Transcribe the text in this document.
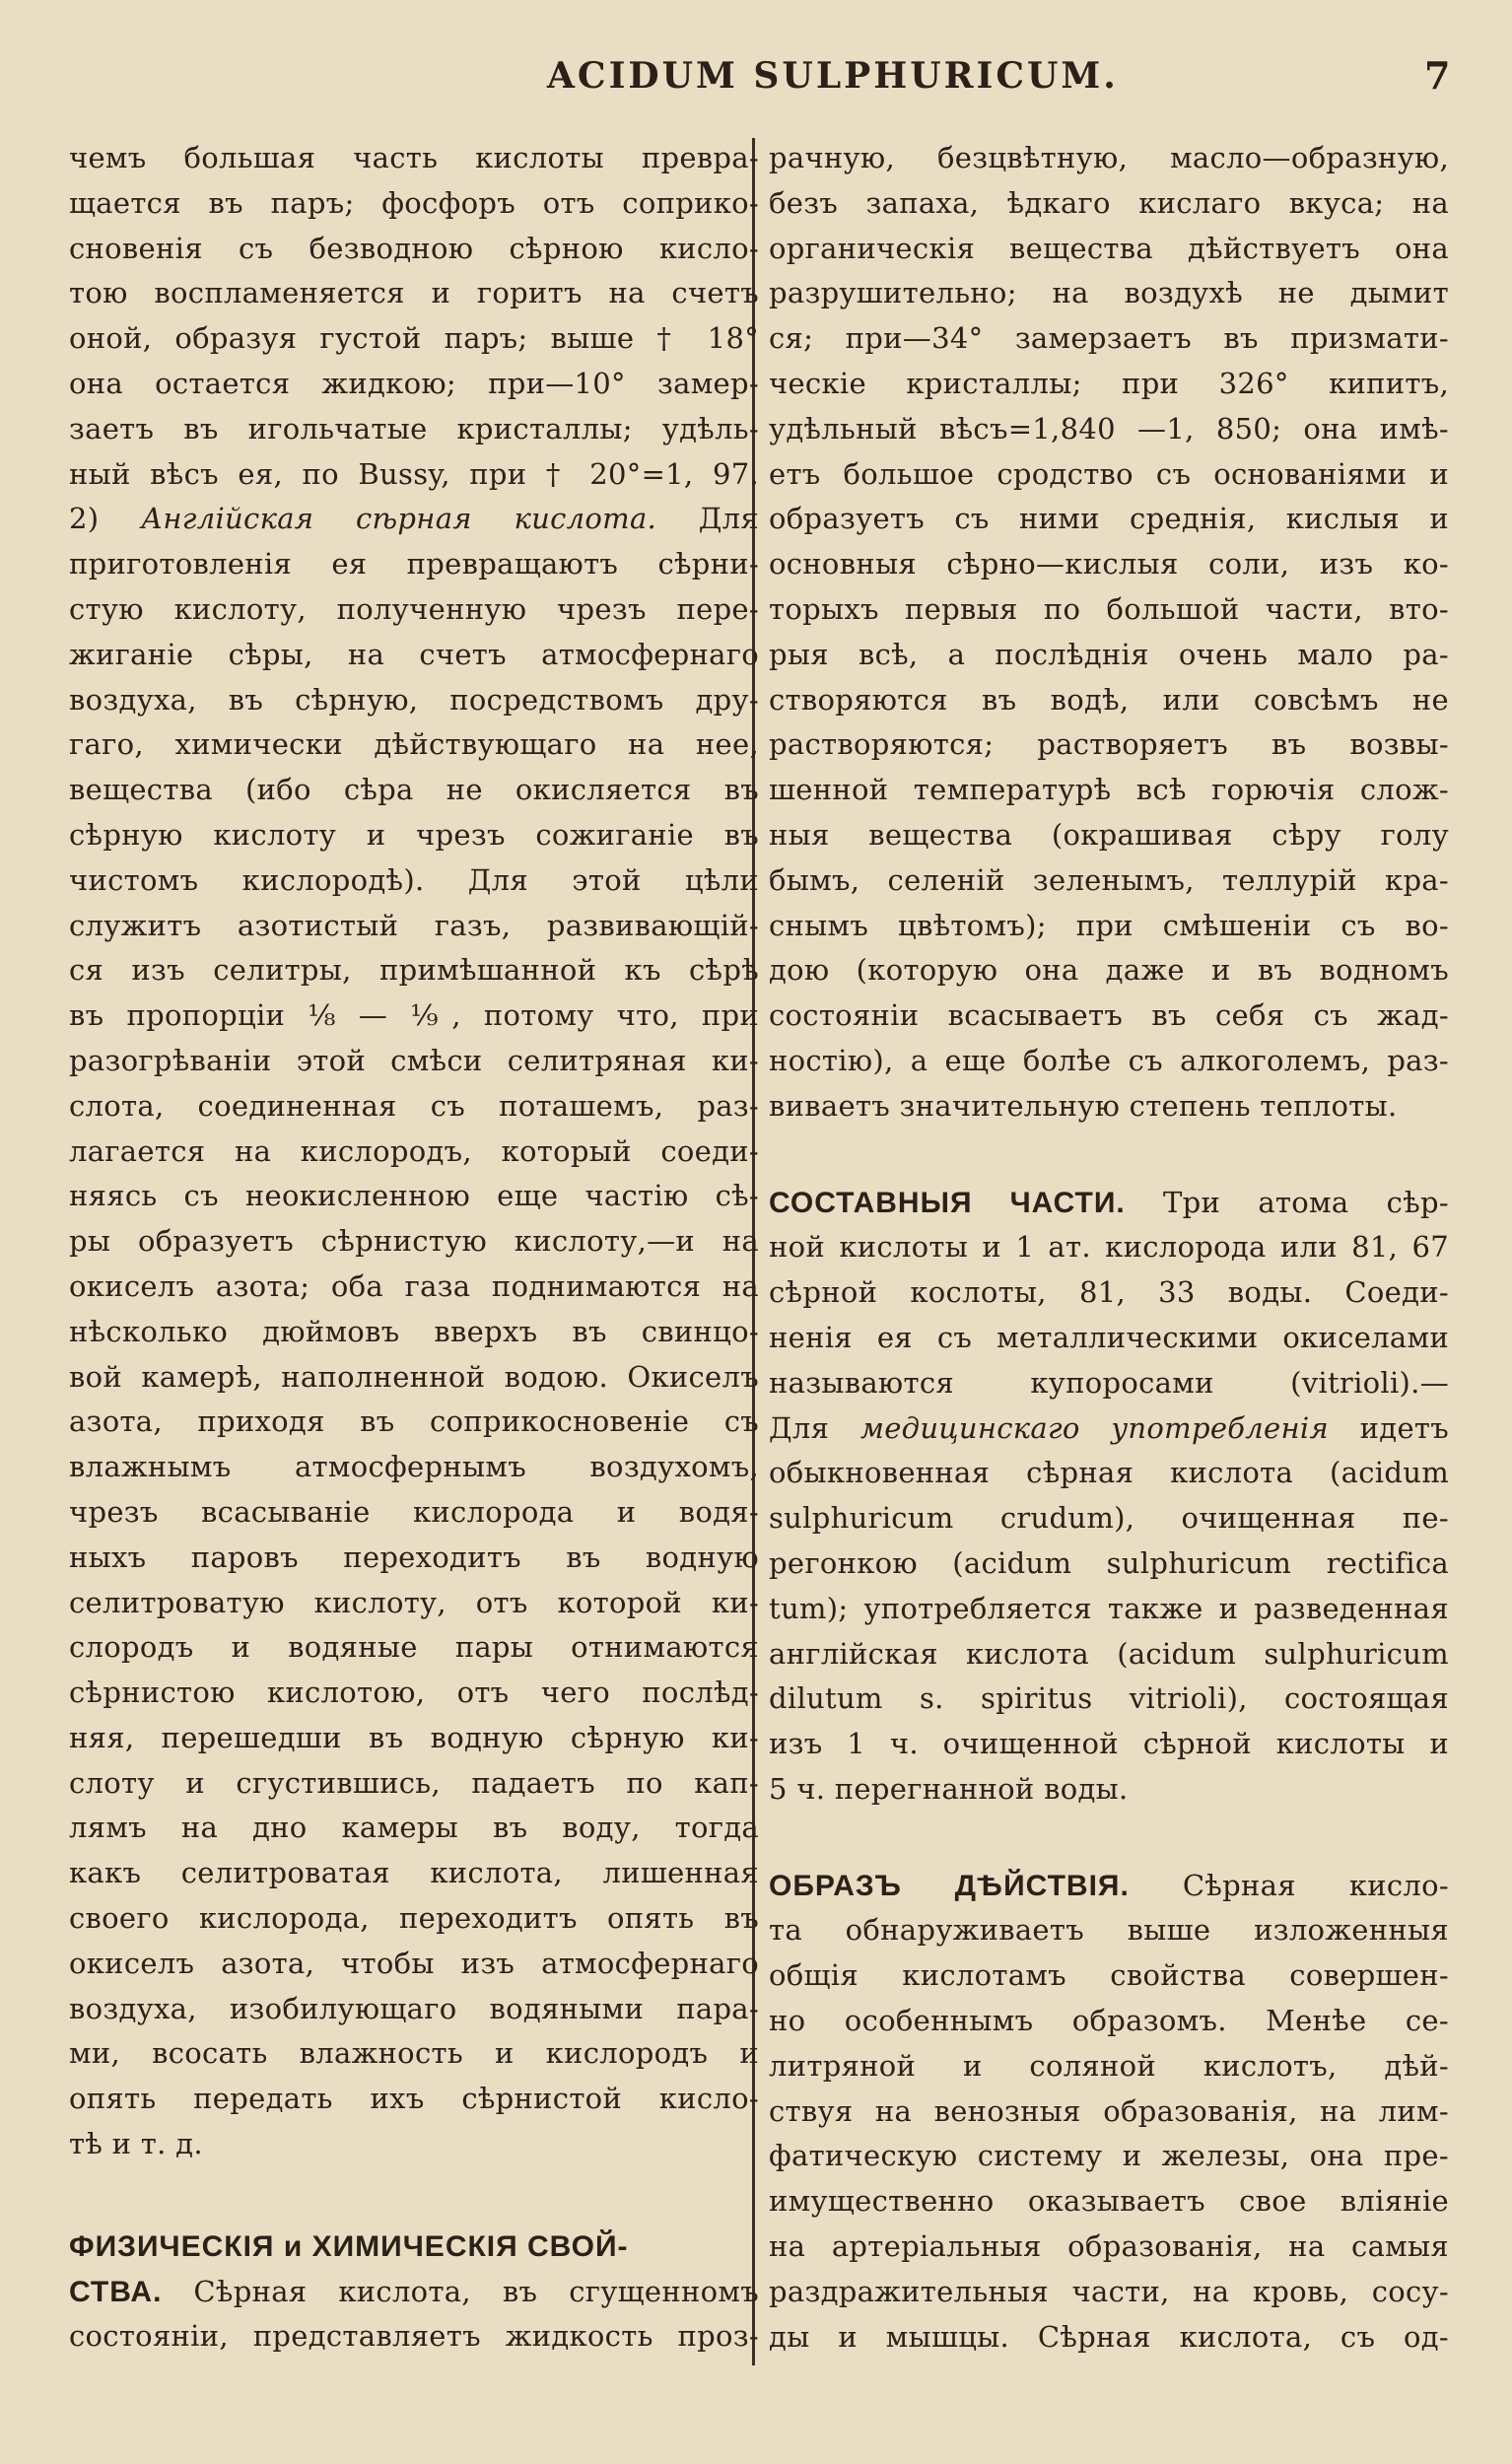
ACIDUM SULPHURICUM.	7
чемъ большая часть кислоты превра-
щается въ паръ; фосфоръ отъ соприко-
сновенія съ безводною сѣрною кисло-
тою воспламеняется и горитъ на счетъ
оной, образуя густой паръ; выше † 18°
она остается жидкою; при—10° замер-
заетъ въ игольчатые кристаллы; удѣль-
ный вѣсъ ея, по Bussy, при † 20°=1, 97.
2) Англійская сѣрная кислота. Для
приготовленія ея превращаютъ сѣрни-
стую кислоту, полученную чрезъ пере-
жиганіе сѣры, на счетъ атмосфернаго
воздуха, въ сѣрную, посредствомъ дру-
гаго, химически дѣйствующаго на нее,
вещества (ибо сѣра не окисляется въ
сѣрную кислоту и чрезъ сожиганіе въ
чистомъ кислородѣ). Для этой цѣли
служитъ азотистый газъ, развивающій-
ся изъ селитры, примѣшанной къ сѣрѣ
въ пропорціи ⅛ — ⅑, потому что, при
разогрѣваніи этой смѣси селитряная ки-
слота, соединенная съ поташемъ, раз-
лагается на кислородъ, который соеди-
няясь съ неокисленною еще частію сѣ-
ры образуетъ сѣрнистую кислоту,—и на
окиселъ азота; оба газа поднимаются на
нѣсколько дюймовъ вверхъ въ свинцо-
вой камерѣ, наполненной водою. Окиселъ
азота, приходя въ соприкосновеніе съ
влажнымъ атмосфернымъ воздухомъ,
чрезъ всасываніе кислорода и водя-
ныхъ паровъ переходитъ въ водную
селитроватую кислоту, отъ которой ки-
слородъ и водяные пары отнимаются
сѣрнистою кислотою, отъ чего послѣд-
няя, перешедши въ водную сѣрную ки-
слоту и сгустившись, падаетъ по кап-
лямъ на дно камеры въ воду, тогда
какъ селитроватая кислота, лишенная
своего кислорода, переходитъ опять въ
окиселъ азота, чтобы изъ атмосфернаго
воздуха, изобилующаго водяными пара-
ми, всосать влажность и кислородъ и
опять передать ихъ сѣрнистой кисло-
тѣ и т. д.
ФИЗИЧЕСКІЯ и ХИМИЧЕСКІЯ СВОЙ-
СТВА. Сѣрная кислота, въ сгущенномъ
состояніи, представляетъ жидкость проз-
рачную, безцвѣтную, масло—образную,
безъ запаха, ѣдкаго кислаго вкуса; на
органическія вещества дѣйствуетъ она
разрушительно; на воздухѣ не дымит
ся; при—34° замерзаетъ въ призмати-
ческіе кристаллы; при 326° кипитъ,
удѣльный вѣсъ=1,840 —1, 850; она имѣ-
етъ большое сродство съ основаніями и
образуетъ съ ними среднія, кислыя и
основныя сѣрно—кислыя соли, изъ ко-
торыхъ первыя по большой части, вто-
рыя всѣ, а послѣднія очень мало ра-
створяются въ водѣ, или совсѣмъ не
растворяются; растворяетъ въ возвы-
шенной температурѣ всѣ горючія слож-
ныя вещества (окрашивая сѣру голу
бымъ, селеній зеленымъ, теллурій кра-
снымъ цвѣтомъ); при смѣшеніи съ во-
дою (которую она даже и въ водномъ
состояніи всасываетъ въ себя съ жад-
ностію), а еще болѣе съ алкоголемъ, раз-
виваетъ значительную степень теплоты.
СОСТАВНЫЯ ЧАСТИ. Три атома сѣр-
ной кислоты и 1 ат. кислорода или 81, 67
сѣрной кослоты, 81, 33 воды. Соеди-
ненія ея съ металлическими окиселами
называются купоросами (vitrioli).—
Для медицинскаго употребленія идетъ
обыкновенная сѣрная кислота (acidum
sulphuricum crudum), очищенная пе-
регонкою (acidum sulphuricum rectifica
tum); употребляется также и разведенная
англійская кислота (acidum sulphuricum
dilutum s. spiritus vitrioli), состоящая
изъ 1 ч. очищенной сѣрной кислоты и
5 ч. перегнанной воды.
ОБРАЗЪ ДѢЙСТВІЯ. Сѣрная кисло-
та обнаруживаетъ выше изложенныя
общія кислотамъ свойства совершен-
но особеннымъ образомъ. Менѣе се-
литряной и соляной кислотъ, дѣй-
ствуя на венозныя образованія, на лим-
фатическую систему и железы, она пре-
имущественно оказываетъ свое вліяніе
на артеріальныя образованія, на самыя
раздражительныя части, на кровь, сосу-
ды и мышцы. Сѣрная кислота, съ од-
